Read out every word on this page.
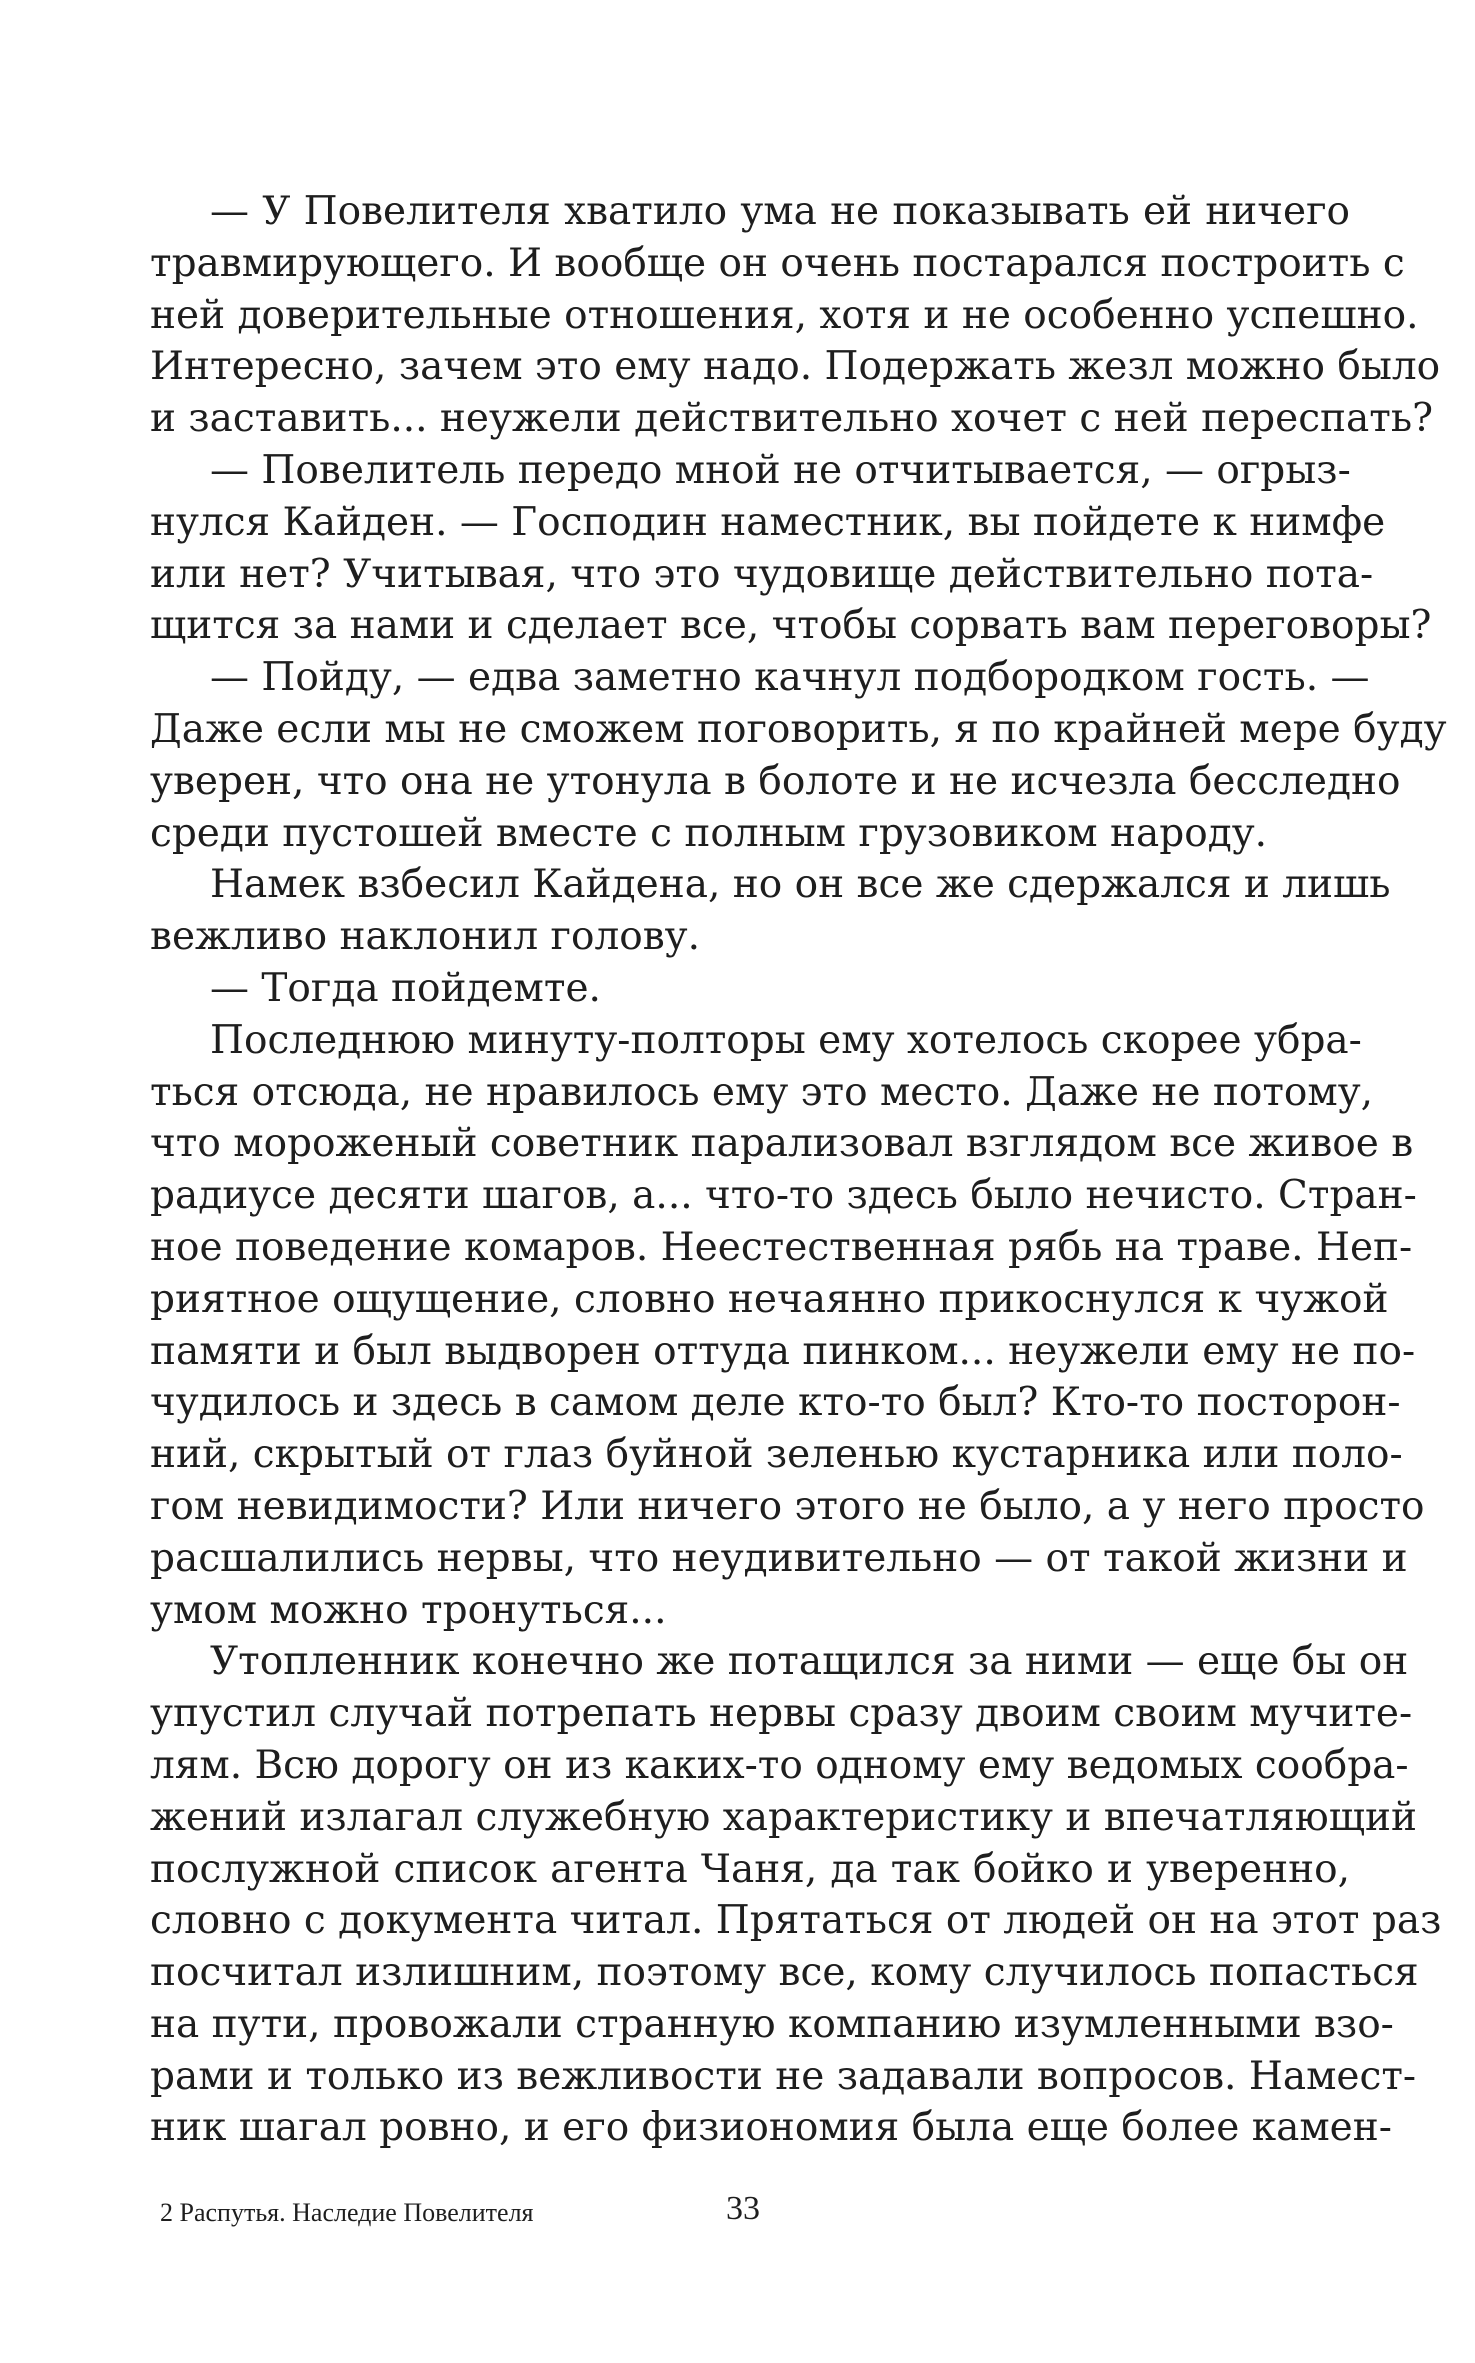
— У Повелителя хватило ума не показывать ей ничего
травмирующего. И вообще он очень постарался построить с
ней доверительные отношения, хотя и не особенно успешно.
Интересно, зачем это ему надо. Подержать жезл можно было
и заставить... неужели действительно хочет с ней переспать?
— Повелитель передо мной не отчитывается, — огрыз-
нулся Кайден. — Господин наместник, вы пойдете к нимфе
или нет? Учитывая, что это чудовище действительно пота-
щится за нами и сделает все, чтобы сорвать вам переговоры?
— Пойду, — едва заметно качнул подбородком гость. —
Даже если мы не сможем поговорить, я по крайней мере буду
уверен, что она не утонула в болоте и не исчезла бесследно
среди пустошей вместе с полным грузовиком народу.
Намек взбесил Кайдена, но он все же сдержался и лишь
вежливо наклонил голову.
— Тогда пойдемте.
Последнюю минуту-полторы ему хотелось скорее убра-
ться отсюда, не нравилось ему это место. Даже не потому,
что мороженый советник парализовал взглядом все живое в
радиусе десяти шагов, а... что-то здесь было нечисто. Стран-
ное поведение комаров. Неестественная рябь на траве. Неп-
риятное ощущение, словно нечаянно прикоснулся к чужой
памяти и был выдворен оттуда пинком... неужели ему не по-
чудилось и здесь в самом деле кто-то был? Кто-то посторон-
ний, скрытый от глаз буйной зеленью кустарника или поло-
гом невидимости? Или ничего этого не было, а у него просто
расшалились нервы, что неудивительно — от такой жизни и
умом можно тронуться...
Утопленник конечно же потащился за ними — еще бы он
упустил случай потрепать нервы сразу двоим своим мучите-
лям. Всю дорогу он из каких-то одному ему ведомых сообра-
жений излагал служебную характеристику и впечатляющий
послужной список агента Чаня, да так бойко и уверенно,
словно с документа читал. Прятаться от людей он на этот раз
посчитал излишним, поэтому все, кому случилось попасться
на пути, провожали странную компанию изумленными взо-
рами и только из вежливости не задавали вопросов. Намест-
ник шагал ровно, и его физиономия была еще более камен-
2 Распутья. Наследие Повелителя	33
